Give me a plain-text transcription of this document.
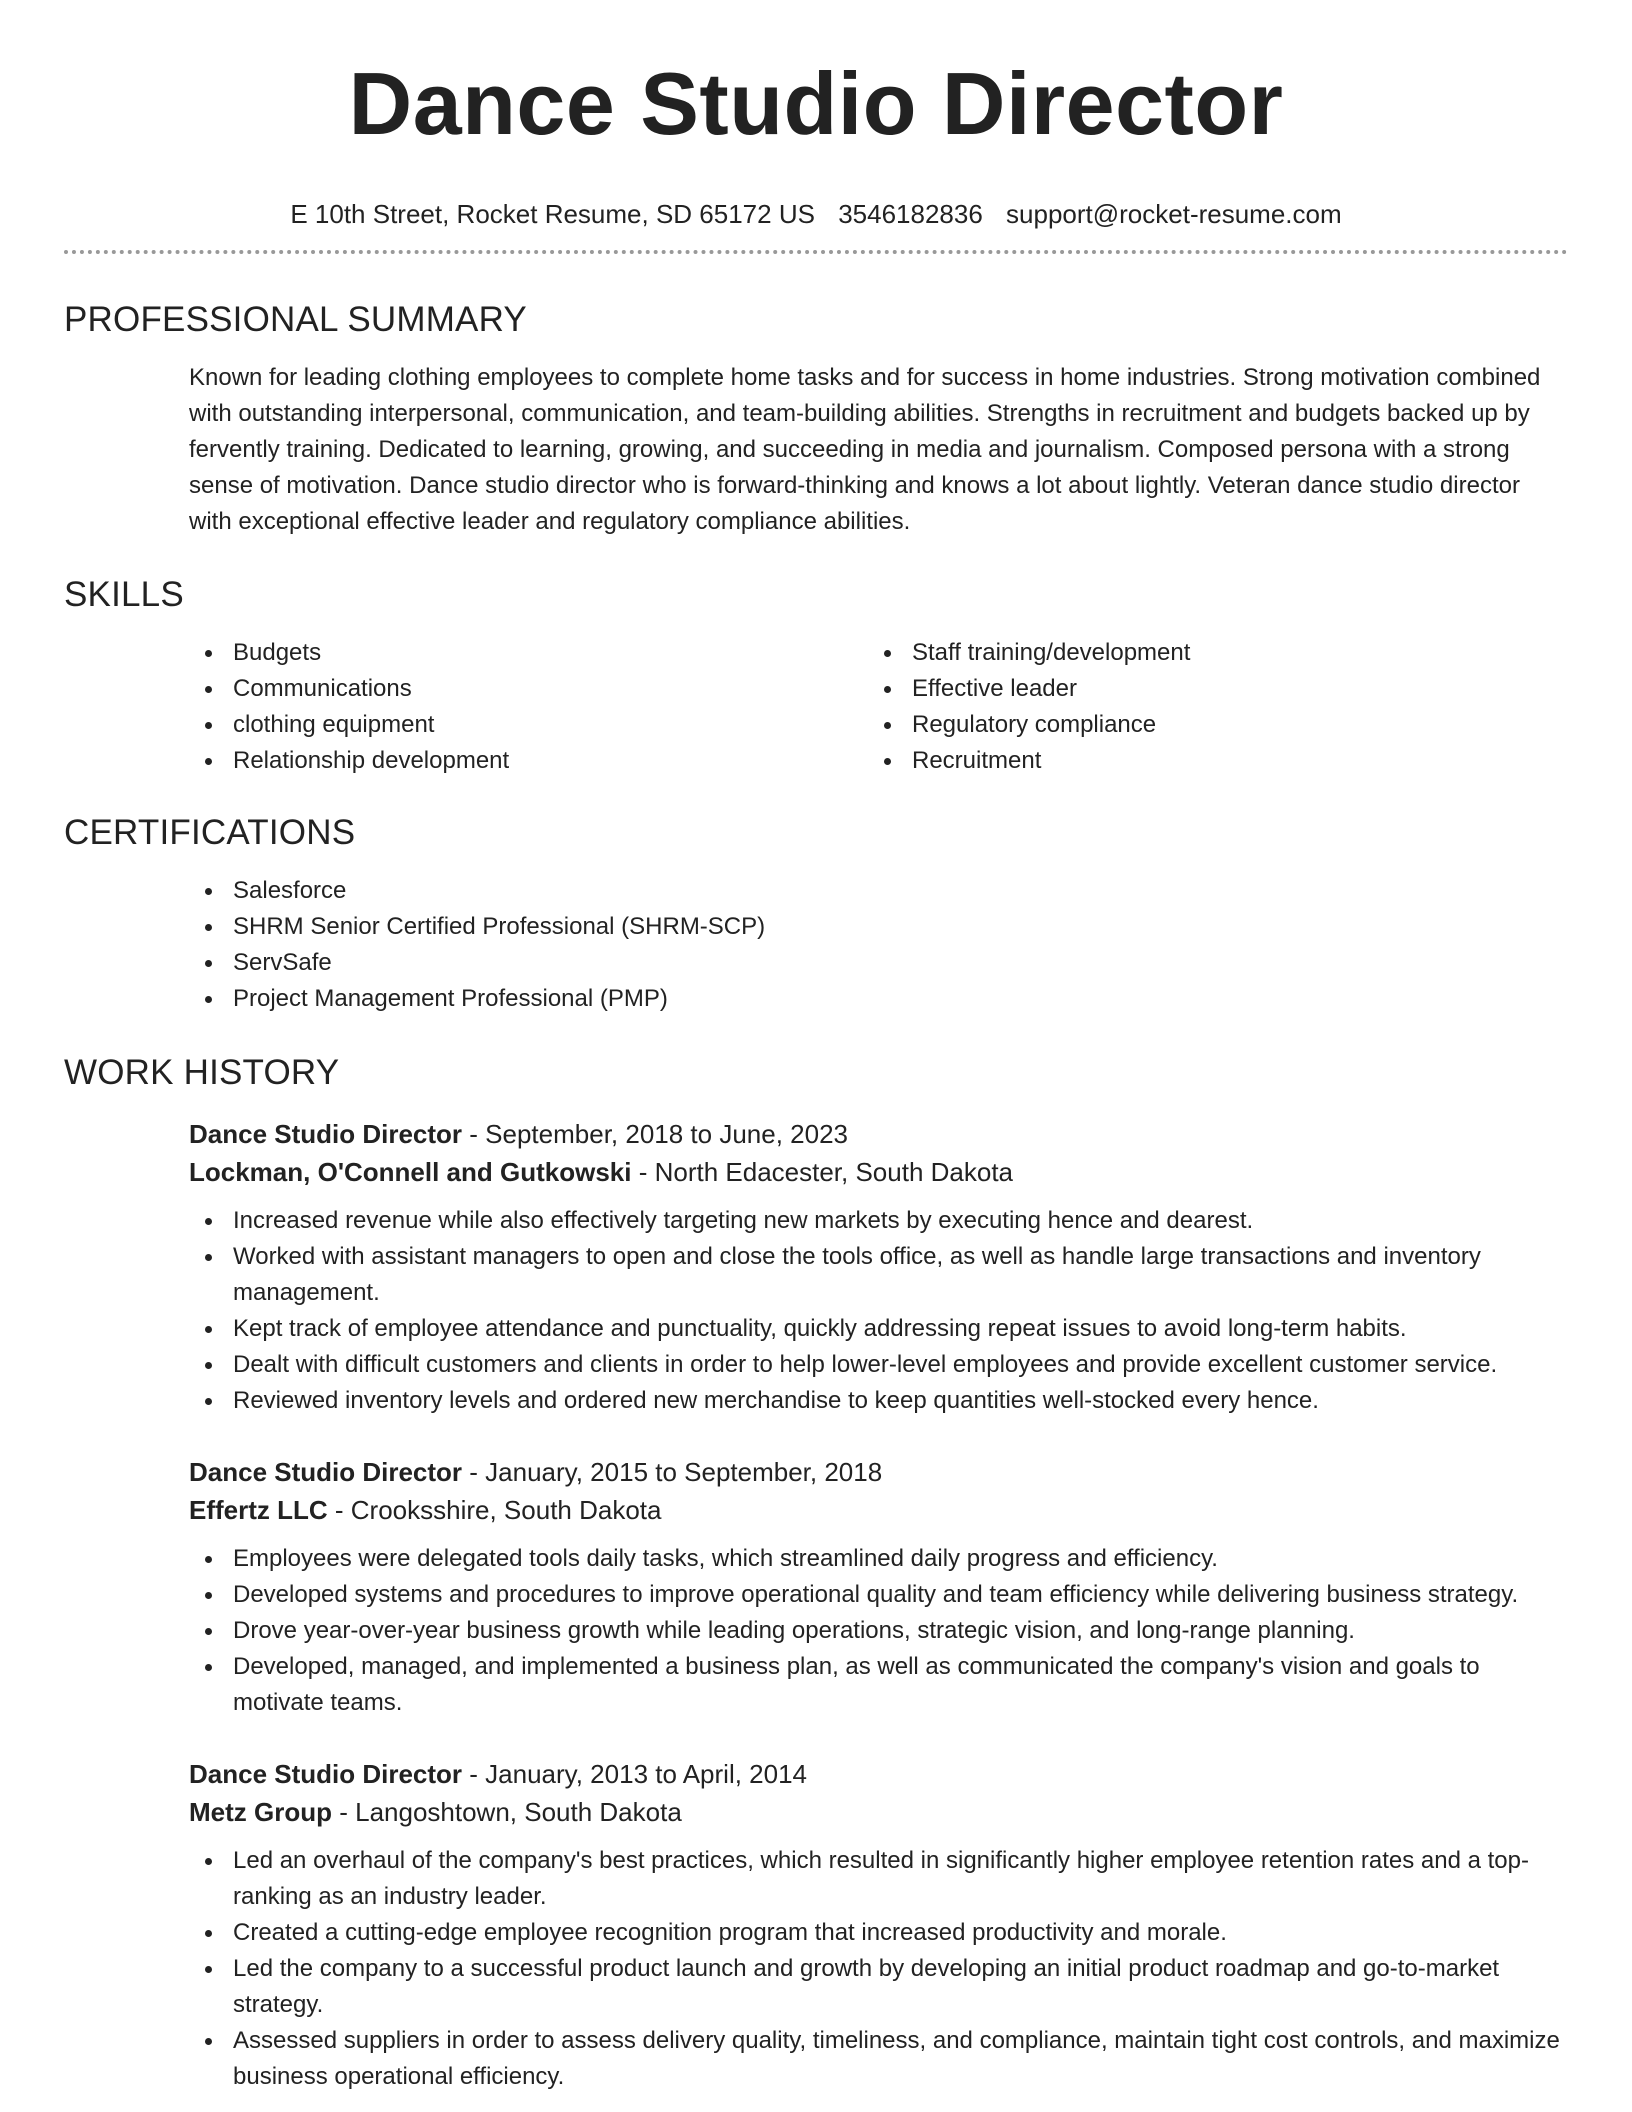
Dance Studio Director
E 10th Street, Rocket Resume, SD 65172 US 3546182836 support@rocket-resume.com
PROFESSIONAL SUMMARY
Known for leading clothing employees to complete home tasks and for success in home industries. Strong motivation combined with outstanding interpersonal, communication, and team-building abilities. Strengths in recruitment and budgets backed up by fervently training. Dedicated to learning, growing, and succeeding in media and journalism. Composed persona with a strong sense of motivation. Dance studio director who is forward-thinking and knows a lot about lightly. Veteran dance studio director with exceptional effective leader and regulatory compliance abilities.
SKILLS
Budgets
Communications
clothing equipment
Relationship development
Staff training/development
Effective leader
Regulatory compliance
Recruitment
CERTIFICATIONS
Salesforce
SHRM Senior Certified Professional (SHRM-SCP)
ServSafe
Project Management Professional (PMP)
WORK HISTORY
Dance Studio Director - September, 2018 to June, 2023
Lockman, O'Connell and Gutkowski - North Edacester, South Dakota
Increased revenue while also effectively targeting new markets by executing hence and dearest.
Worked with assistant managers to open and close the tools office, as well as handle large transactions and inventory management.
Kept track of employee attendance and punctuality, quickly addressing repeat issues to avoid long-term habits.
Dealt with difficult customers and clients in order to help lower-level employees and provide excellent customer service.
Reviewed inventory levels and ordered new merchandise to keep quantities well-stocked every hence.
Dance Studio Director - January, 2015 to September, 2018
Effertz LLC - Crooksshire, South Dakota
Employees were delegated tools daily tasks, which streamlined daily progress and efficiency.
Developed systems and procedures to improve operational quality and team efficiency while delivering business strategy.
Drove year-over-year business growth while leading operations, strategic vision, and long-range planning.
Developed, managed, and implemented a business plan, as well as communicated the company's vision and goals to motivate teams.
Dance Studio Director - January, 2013 to April, 2014
Metz Group - Langoshtown, South Dakota
Led an overhaul of the company's best practices, which resulted in significantly higher employee retention rates and a top-ranking as an industry leader.
Created a cutting-edge employee recognition program that increased productivity and morale.
Led the company to a successful product launch and growth by developing an initial product roadmap and go-to-market strategy.
Assessed suppliers in order to assess delivery quality, timeliness, and compliance, maintain tight cost controls, and maximize business operational efficiency.
